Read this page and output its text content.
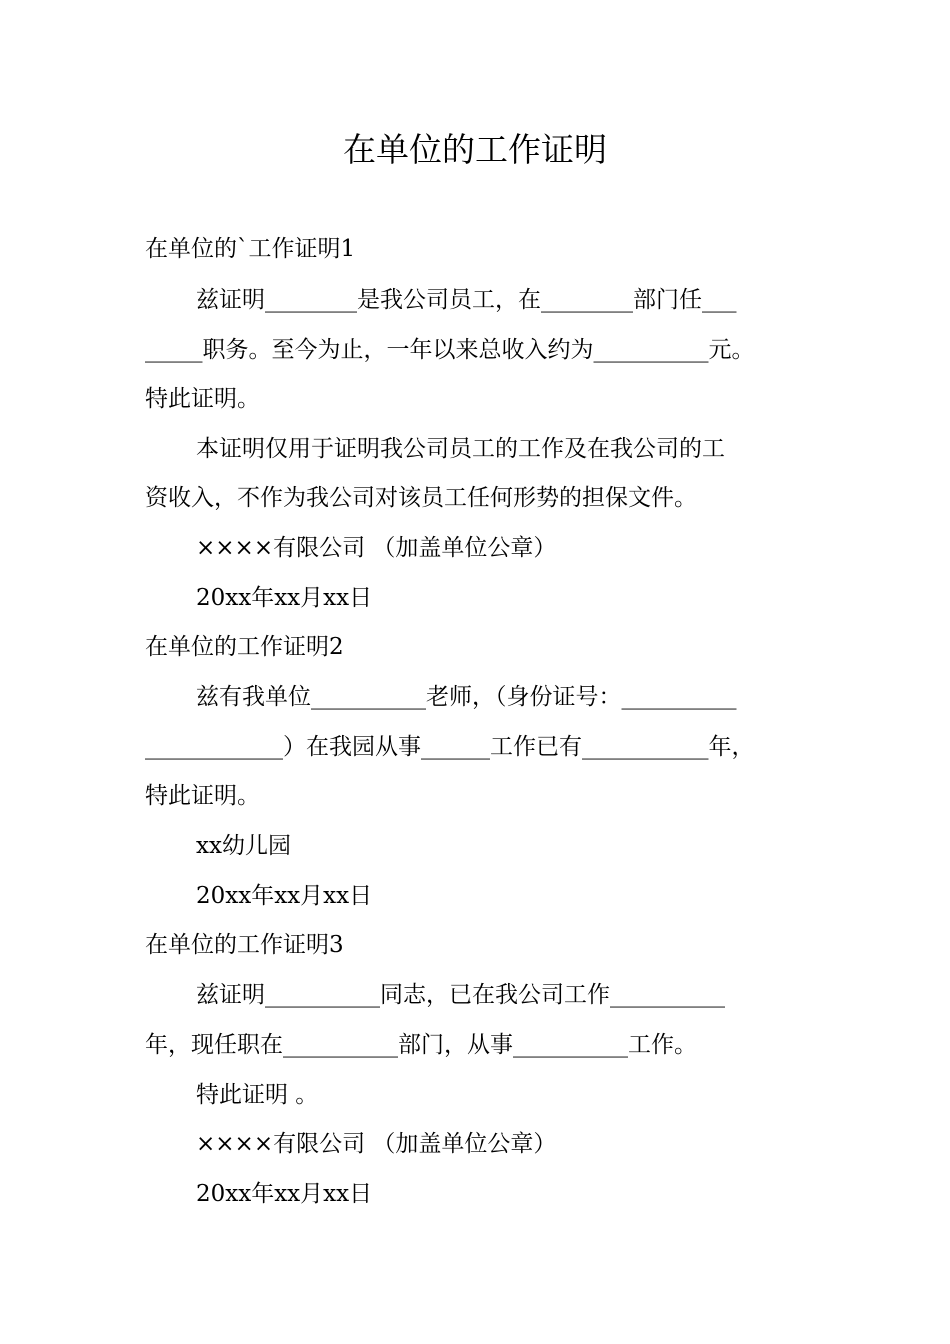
在单位的工作证明
在单位的`工作证明1
兹证明________是我公司员工，在________部门任___
_____职务。至今为止，一年以来总收入约为__________元。
特此证明。
本证明仅用于证明我公司员工的工作及在我公司的工
资收入，不作为我公司对该员工任何形势的担保文件。
××××有限公司 （加盖单位公章）
20xx年xx月xx日
在单位的工作证明2
兹有我单位__________老师，（身份证号：__________
____________）在我园从事______工作已有___________年，
特此证明。
xx幼儿园
20xx年xx月xx日
在单位的工作证明3
兹证明__________同志，已在我公司工作__________
年，现任职在__________部门，从事__________工作。
特此证明 。
××××有限公司 （加盖单位公章）
20xx年xx月xx日
